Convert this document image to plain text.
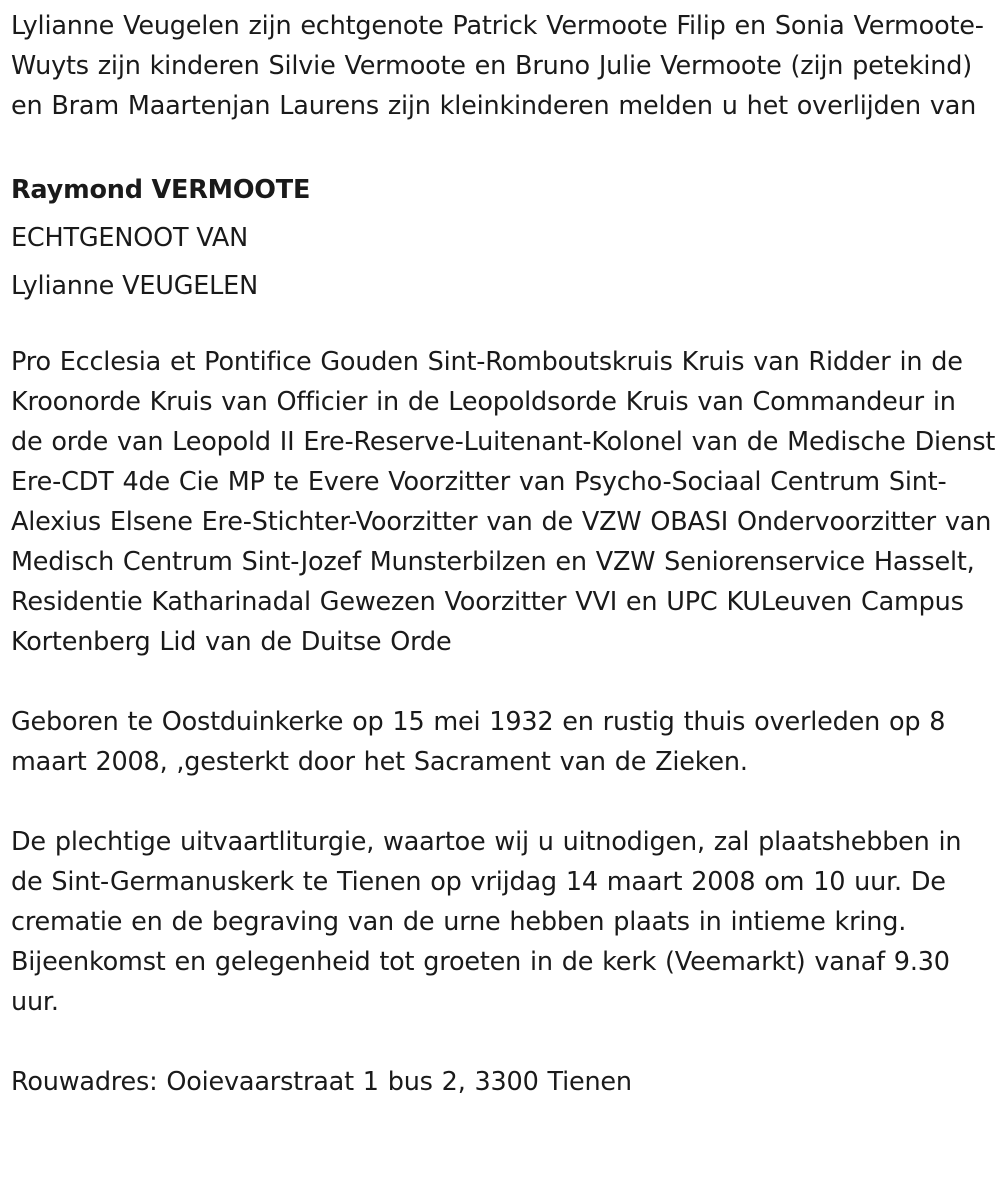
Lylianne Veugelen zijn echtgenote Patrick Vermoote Filip en Sonia Vermoote-Wuyts zijn kinderen Silvie Vermoote en Bruno Julie Vermoote (zijn petekind) en Bram Maartenjan Laurens zijn kleinkinderen melden u het overlijden van

Raymond VERMOOTE
ECHTGENOOT VAN
Lylianne VEUGELEN

Pro Ecclesia et Pontifice Gouden Sint-Romboutskruis Kruis van Ridder in de Kroonorde Kruis van Officier in de Leopoldsorde Kruis van Commandeur in de orde van Leopold II Ere-Reserve-Luitenant-Kolonel van de Medische Dienst Ere-CDT 4de Cie MP te Evere Voorzitter van Psycho-Sociaal Centrum Sint-Alexius Elsene Ere-Stichter-Voorzitter van de VZW OBASI Ondervoorzitter van Medisch Centrum Sint-Jozef Munsterbilzen en VZW Seniorenservice Hasselt, Residentie Katharinadal Gewezen Voorzitter VVI en UPC KULeuven Campus Kortenberg Lid van de Duitse Orde

Geboren te Oostduinkerke op 15 mei 1932 en rustig thuis overleden op 8 maart 2008, ,gesterkt door het Sacrament van de Zieken.

De plechtige uitvaartliturgie, waartoe wij u uitnodigen, zal plaatshebben in de Sint-Germanuskerk te Tienen op vrijdag 14 maart 2008 om 10 uur. De crematie en de begraving van de urne hebben plaats in intieme kring. Bijeenkomst en gelegenheid tot groeten in de kerk (Veemarkt) vanaf 9.30 uur.

Rouwadres: Ooievaarstraat 1 bus 2, 3300 Tienen
